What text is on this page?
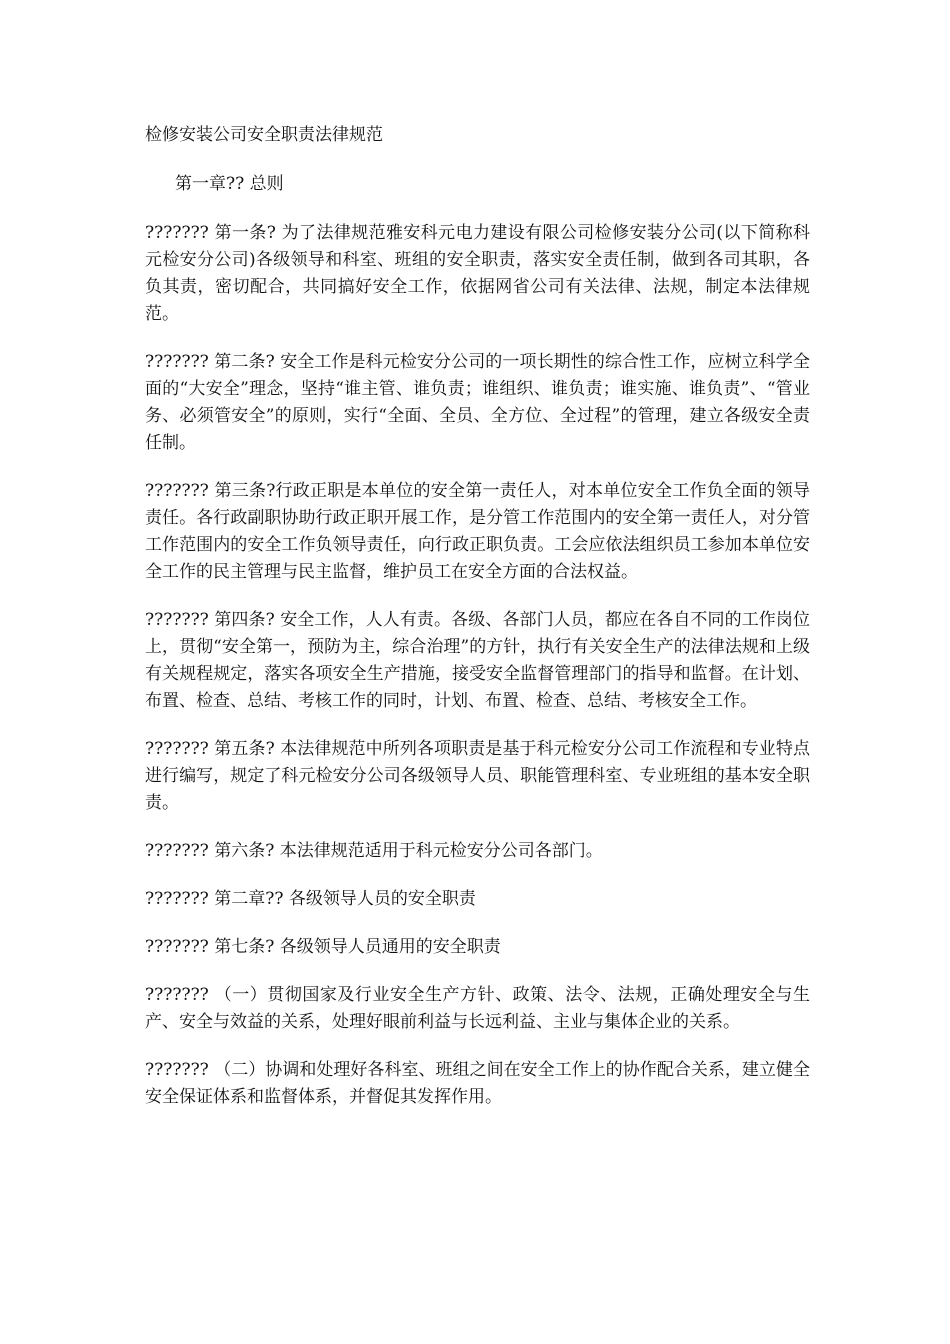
检修安装公司安全职责法律规范

第一章?? 总则

??????? 第一条? 为了法律规范雅安科元电力建设有限公司检修安装分公司(以下简称科元检安分公司)各级领导和科室、班组的安全职责，落实安全责任制，做到各司其职，各负其责，密切配合，共同搞好安全工作，依据网省公司有关法律、法规，制定本法律规范。

??????? 第二条? 安全工作是科元检安分公司的一项长期性的综合性工作，应树立科学全面的“大安全”理念，坚持“谁主管、谁负责；谁组织、谁负责；谁实施、谁负责”、“管业务、必须管安全”的原则，实行“全面、全员、全方位、全过程”的管理，建立各级安全责任制。

??????? 第三条?行政正职是本单位的安全第一责任人，对本单位安全工作负全面的领导责任。各行政副职协助行政正职开展工作，是分管工作范围内的安全第一责任人，对分管工作范围内的安全工作负领导责任，向行政正职负责。工会应依法组织员工参加本单位安全工作的民主管理与民主监督，维护员工在安全方面的合法权益。

??????? 第四条? 安全工作，人人有责。各级、各部门人员，都应在各自不同的工作岗位上，贯彻“安全第一，预防为主，综合治理”的方针，执行有关安全生产的法律法规和上级有关规程规定，落实各项安全生产措施，接受安全监督管理部门的指导和监督。在计划、布置、检查、总结、考核工作的同时，计划、布置、检查、总结、考核安全工作。

??????? 第五条? 本法律规范中所列各项职责是基于科元检安分公司工作流程和专业特点进行编写，规定了科元检安分公司各级领导人员、职能管理科室、专业班组的基本安全职责。

??????? 第六条? 本法律规范适用于科元检安分公司各部门。

??????? 第二章?? 各级领导人员的安全职责

??????? 第七条? 各级领导人员通用的安全职责

??????? （一）贯彻国家及行业安全生产方针、政策、法令、法规，正确处理安全与生产、安全与效益的关系，处理好眼前利益与长远利益、主业与集体企业的关系。

??????? （二）协调和处理好各科室、班组之间在安全工作上的协作配合关系，建立健全安全保证体系和监督体系，并督促其发挥作用。
